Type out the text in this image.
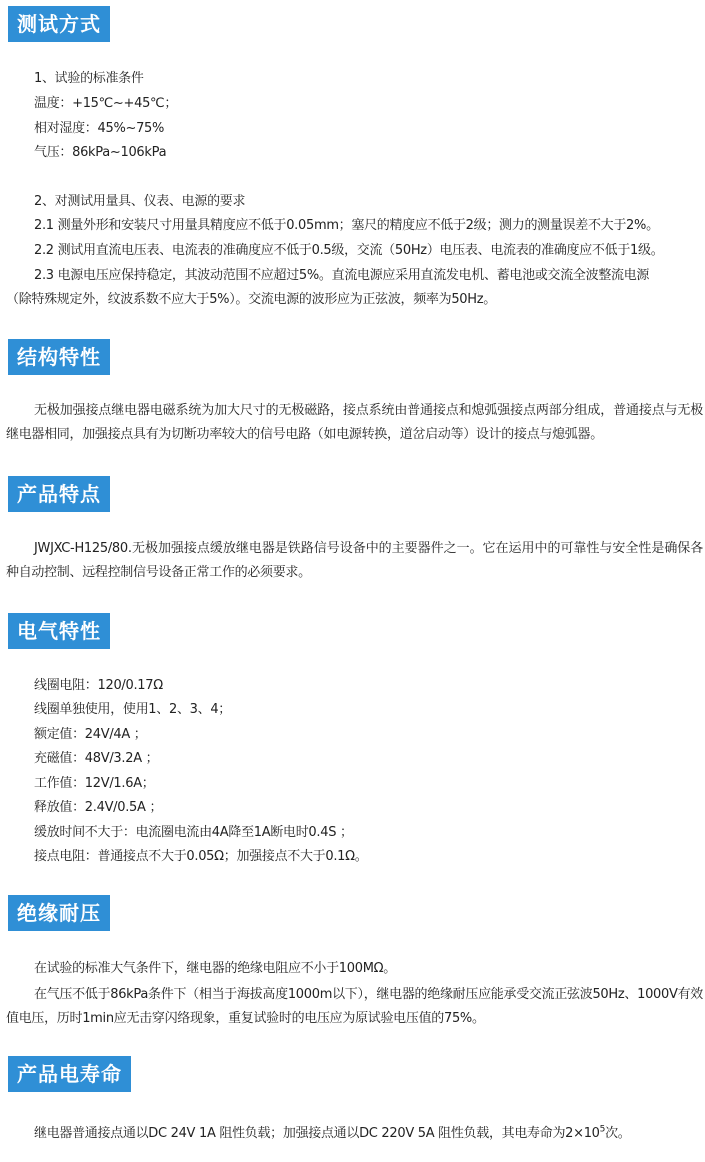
测试方式
1、试验的标准条件
温度：+15℃~+45℃；
相对湿度：45%~75%
气压：86kPa~106kPa
2、对测试用量具、仪表、电源的要求
2.1 测量外形和安装尺寸用量具精度应不低于0.05mm；塞尺的精度应不低于2级；测力的测量误差不大于2%。
2.2 测试用直流电压表、电流表的准确度应不低于0.5级，交流（50Hz）电压表、电流表的准确度应不低于1级。
2.3 电源电压应保持稳定，其波动范围不应超过5%。直流电源应采用直流发电机、蓄电池或交流全波整流电源
（除特殊规定外，纹波系数不应大于5%）。交流电源的波形应为正弦波，频率为50Hz。
结构特性
无极加强接点继电器电磁系统为加大尺寸的无极磁路，接点系统由普通接点和熄弧强接点两部分组成，普通接点与无极继电器相同，加强接点具有为切断功率较大的信号电路（如电源转换，道岔启动等）设计的接点与熄弧器。
产品特点
JWJXC-H125/80.无极加强接点缓放继电器是铁路信号设备中的主要器件之一。它在运用中的可靠性与安全性是确保各种自动控制、远程控制信号设备正常工作的必须要求。
电气特性
线圈电阻：120/0.17Ω
线圈单独使用，使用1、2、3、4；
额定值：24V/4A ；
充磁值：48V/3.2A ；
工作值：12V/1.6A；
释放值：2.4V/0.5A ；
缓放时间不大于：电流圈电流由4A降至1A断电时0.4S ；
接点电阻：普通接点不大于0.05Ω；加强接点不大于0.1Ω。
绝缘耐压
在试验的标准大气条件下，继电器的绝缘电阻应不小于100MΩ。
在气压不低于86kPa条件下（相当于海拔高度1000m以下），继电器的绝缘耐压应能承受交流正弦波50Hz、1000V有效值电压，历时1min应无击穿闪络现象，重复试验时的电压应为原试验电压值的75%。
产品电寿命
继电器普通接点通以DC 24V 1A 阻性负载；加强接点通以DC 220V 5A 阻性负载，其电寿命为$2\times 10^5$次。
